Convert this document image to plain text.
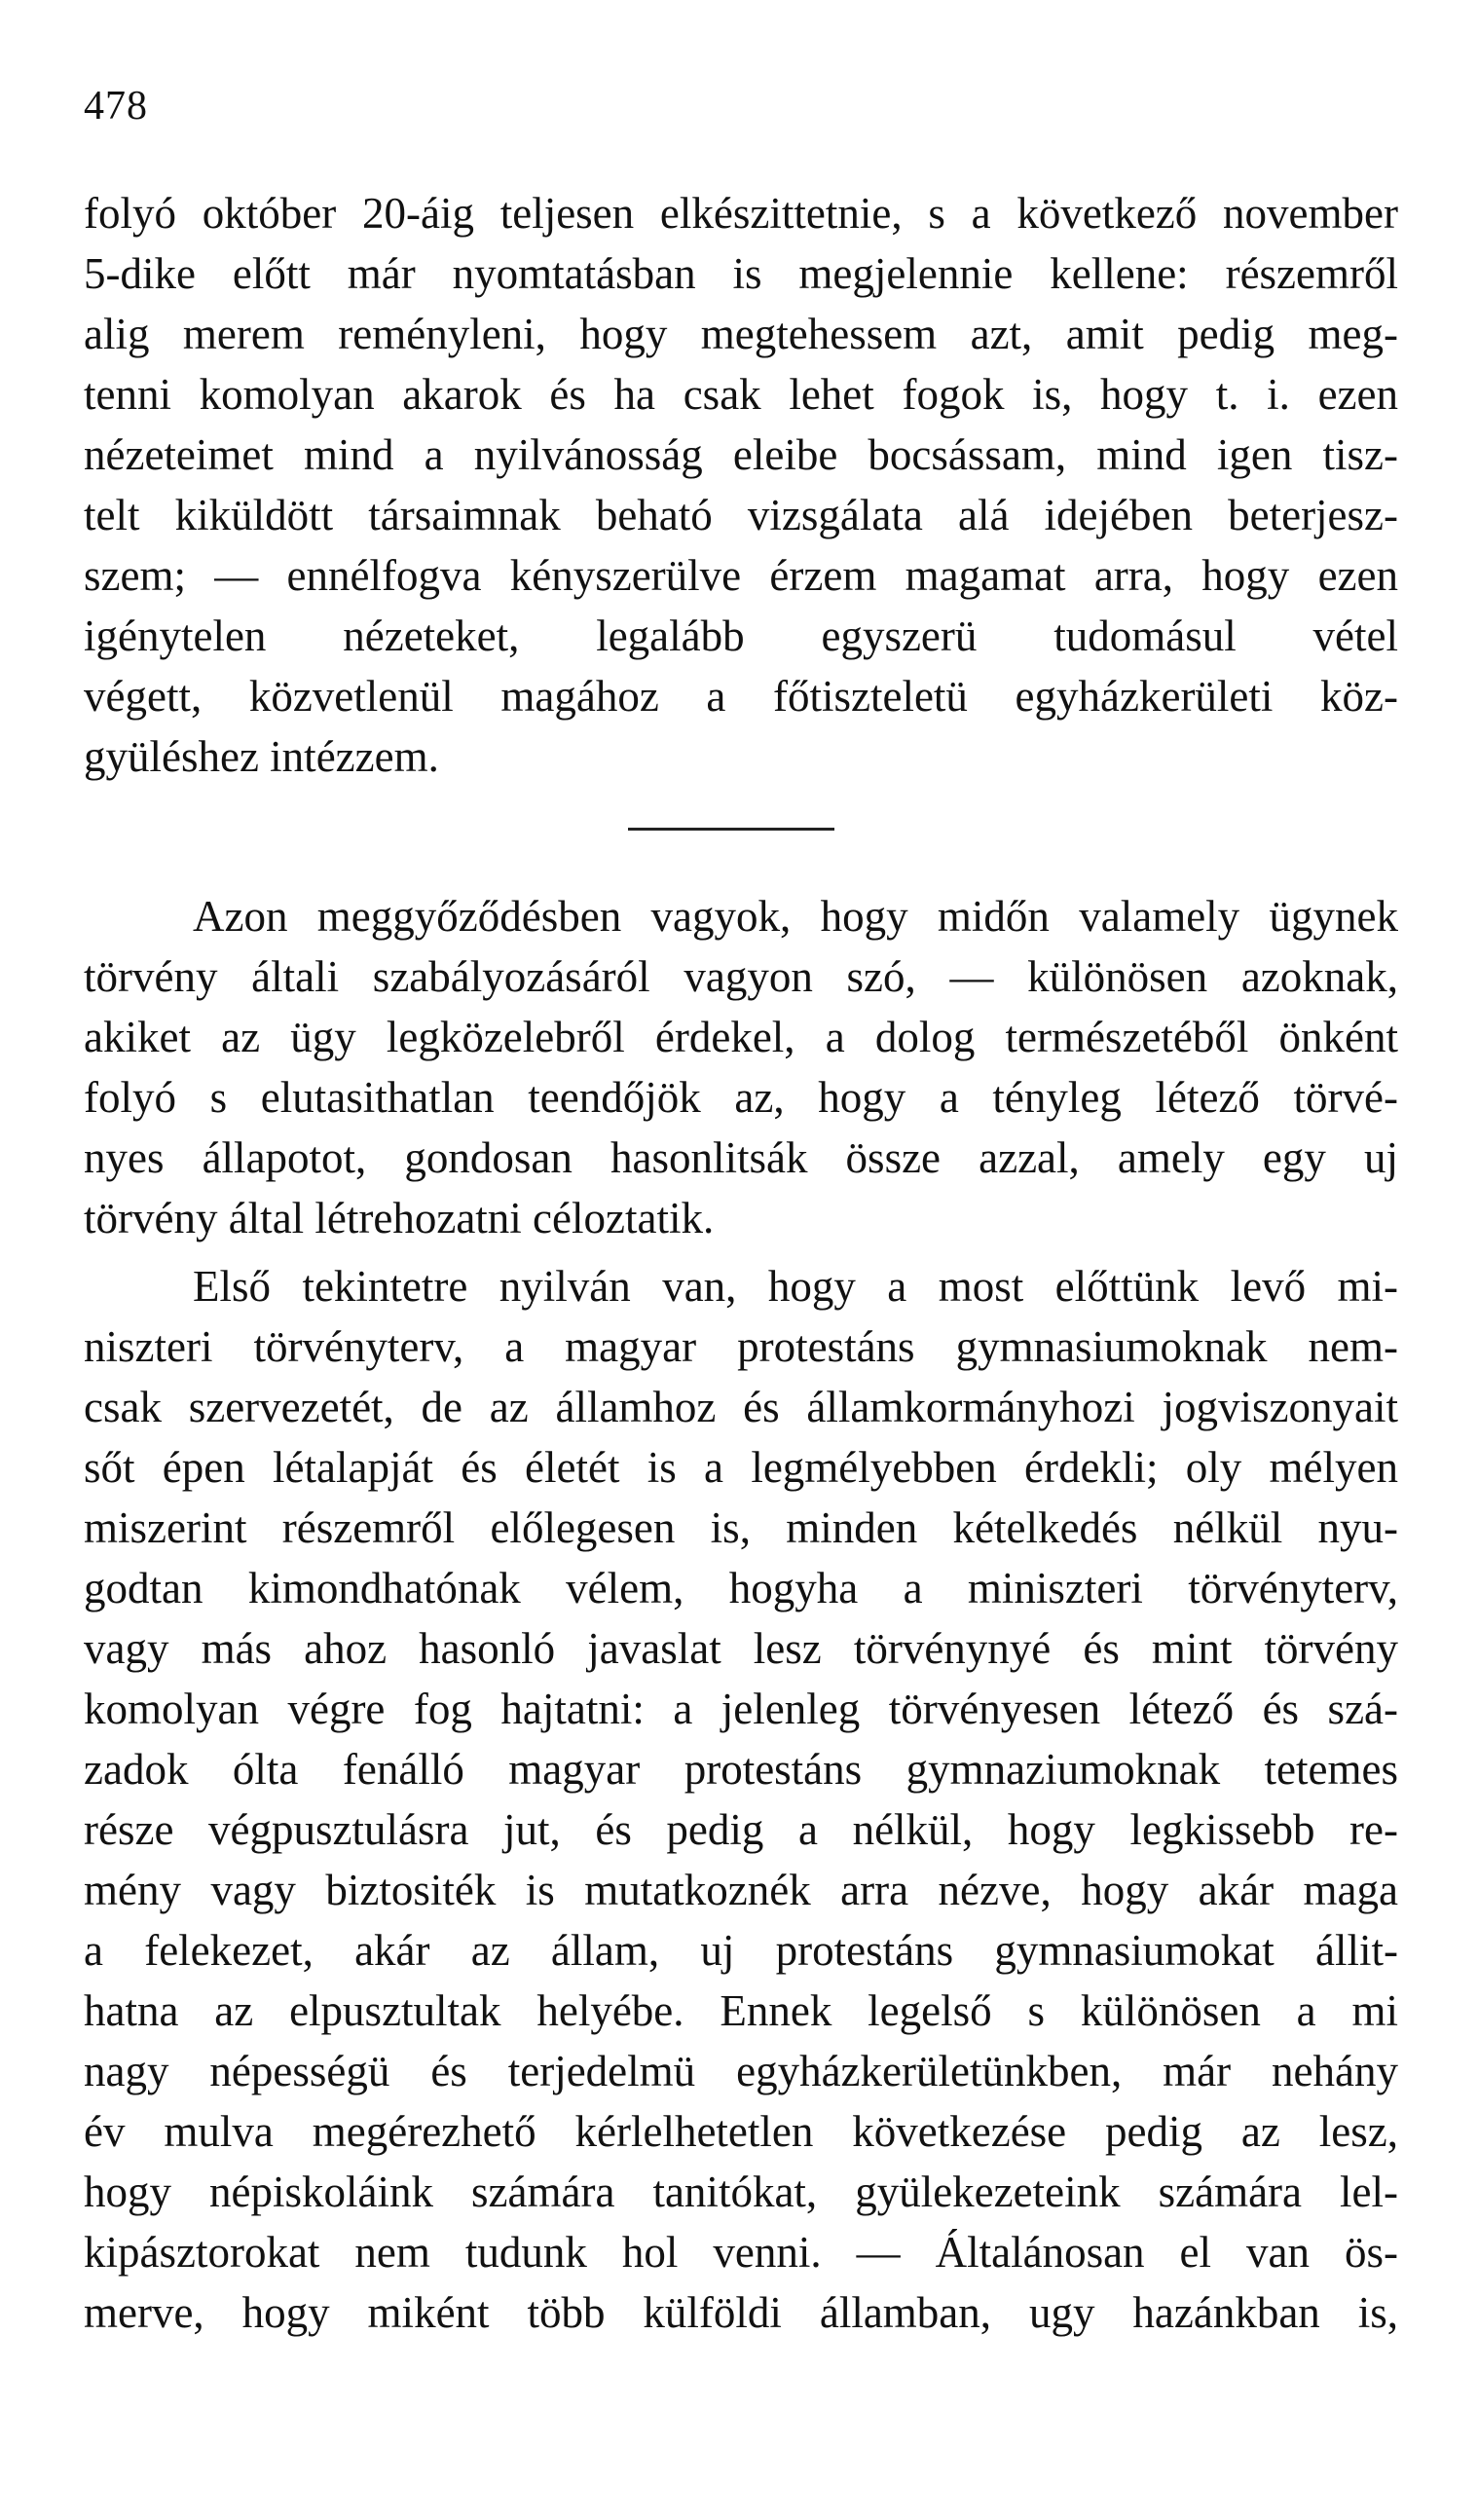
478
folyó október 20-áig teljesen elkészittetnie, s a következő november
5-dike előtt már nyomtatásban is megjelennie kellene: részemről
alig merem reményleni, hogy megtehessem azt, amit pedig meg-
tenni komolyan akarok és ha csak lehet fogok is, hogy t. i. ezen
nézeteimet mind a nyilvánosság eleibe bocsássam, mind igen tisz-
telt kiküldött társaimnak beható vizsgálata alá idejében beterjesz-
szem; — ennélfogva kényszerülve érzem magamat arra, hogy ezen
igénytelen nézeteket, legalább egyszerü tudomásul vétel
végett, közvetlenül magához a főtiszteletü egyházkerületi köz-
gyüléshez intézzem.
Azon meggyőződésben vagyok, hogy midőn valamely ügynek
törvény általi szabályozásáról vagyon szó, — különösen azoknak,
akiket az ügy legközelebről érdekel, a dolog természetéből önként
folyó s elutasithatlan teendőjök az, hogy a tényleg létező törvé-
nyes állapotot, gondosan hasonlitsák össze azzal, amely egy uj
törvény által létrehozatni céloztatik.
Első tekintetre nyilván van, hogy a most előttünk levő mi-
niszteri törvényterv, a magyar protestáns gymnasiumoknak nem-
csak szervezetét, de az államhoz és államkormányhozi jogviszonyait
sőt épen létalapját és életét is a legmélyebben érdekli; oly mélyen
miszerint részemről előlegesen is, minden kételkedés nélkül nyu-
godtan kimondhatónak vélem, hogyha a miniszteri törvényterv,
vagy más ahoz hasonló javaslat lesz törvénynyé és mint törvény
komolyan végre fog hajtatni: a jelenleg törvényesen létező és szá-
zadok ólta fenálló magyar protestáns gymnaziumoknak tetemes
része végpusztulásra jut, és pedig a nélkül, hogy legkissebb re-
mény vagy biztositék is mutatkoznék arra nézve, hogy akár maga
a felekezet, akár az állam, uj protestáns gymnasiumokat állit-
hatna az elpusztultak helyébe. Ennek legelső s különösen a mi
nagy népességü és terjedelmü egyházkerületünkben, már nehány
év mulva megérezhető kérlelhetetlen következése pedig az lesz,
hogy népiskoláink számára tanitókat, gyülekezeteink számára lel-
kipásztorokat nem tudunk hol venni. — Általánosan el van ös-
merve, hogy miként több külföldi államban, ugy hazánkban is,
